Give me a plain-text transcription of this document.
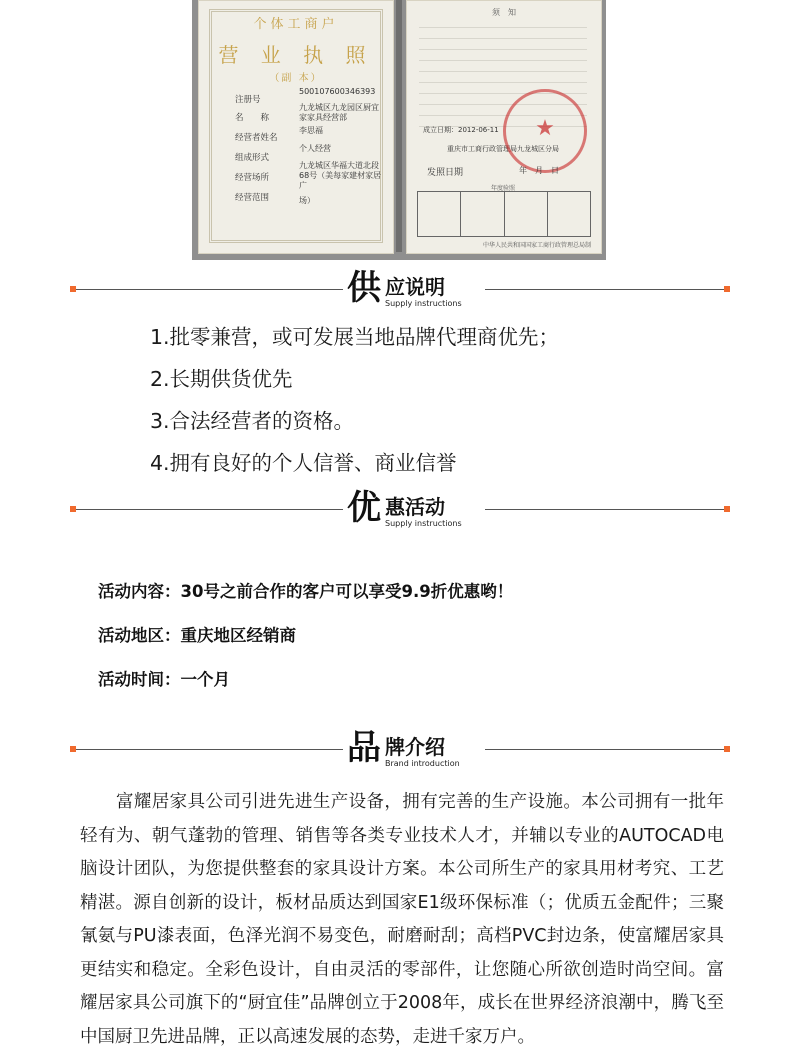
个体工商户
营 业 执 照
（副 本）
注册号
500107600346393
名　　称
九龙城区九龙园区厨宜家家具经营部
经营者姓名
李思福
组成形式
个人经营
经营场所
九龙城区华福大道北段68号（美每家建材家居广
经营范围	场）
须　知
成立日期：2012-06-11
重庆市工商行政管理局九龙城区分局
★
发照日期	年　月　日
年度验照
中华人民共和国国家工商行政管理总局制
供 应说明
Supply instructions
1.批零兼营，或可发展当地品牌代理商优先；
2.长期供货优先
3.合法经营者的资格。
4.拥有良好的个人信誉、商业信誉
优 惠活动
Supply instructions
活动内容：30号之前合作的客户可以享受9.9折优惠哟！
活动地区：重庆地区经销商
活动时间：一个月
品 牌介绍
Brand introduction

富耀居家具公司引进先进生产设备，拥有完善的生产设施。本公司拥有一批年轻有为、朝气蓬勃的管理、销售等各类专业技术人才，并辅以专业的AUTOCAD电脑设计团队，为您提供整套的家具设计方案。本公司所生产的家具用材考究、工艺精湛。源自创新的设计，板材品质达到国家E1级环保标准（；优质五金配件；三聚氰氨与PU漆表面，色泽光润不易变色，耐磨耐刮；高档PVC封边条，使富耀居家具更结实和稳定。全彩色设计，自由灵活的零部件，让您随心所欲创造时尚空间。富耀居家具公司旗下的“厨宜佳”品牌创立于2008年，成长在世界经济浪潮中，腾飞至中国厨卫先进品牌，正以高速发展的态势，走进千家万户。
